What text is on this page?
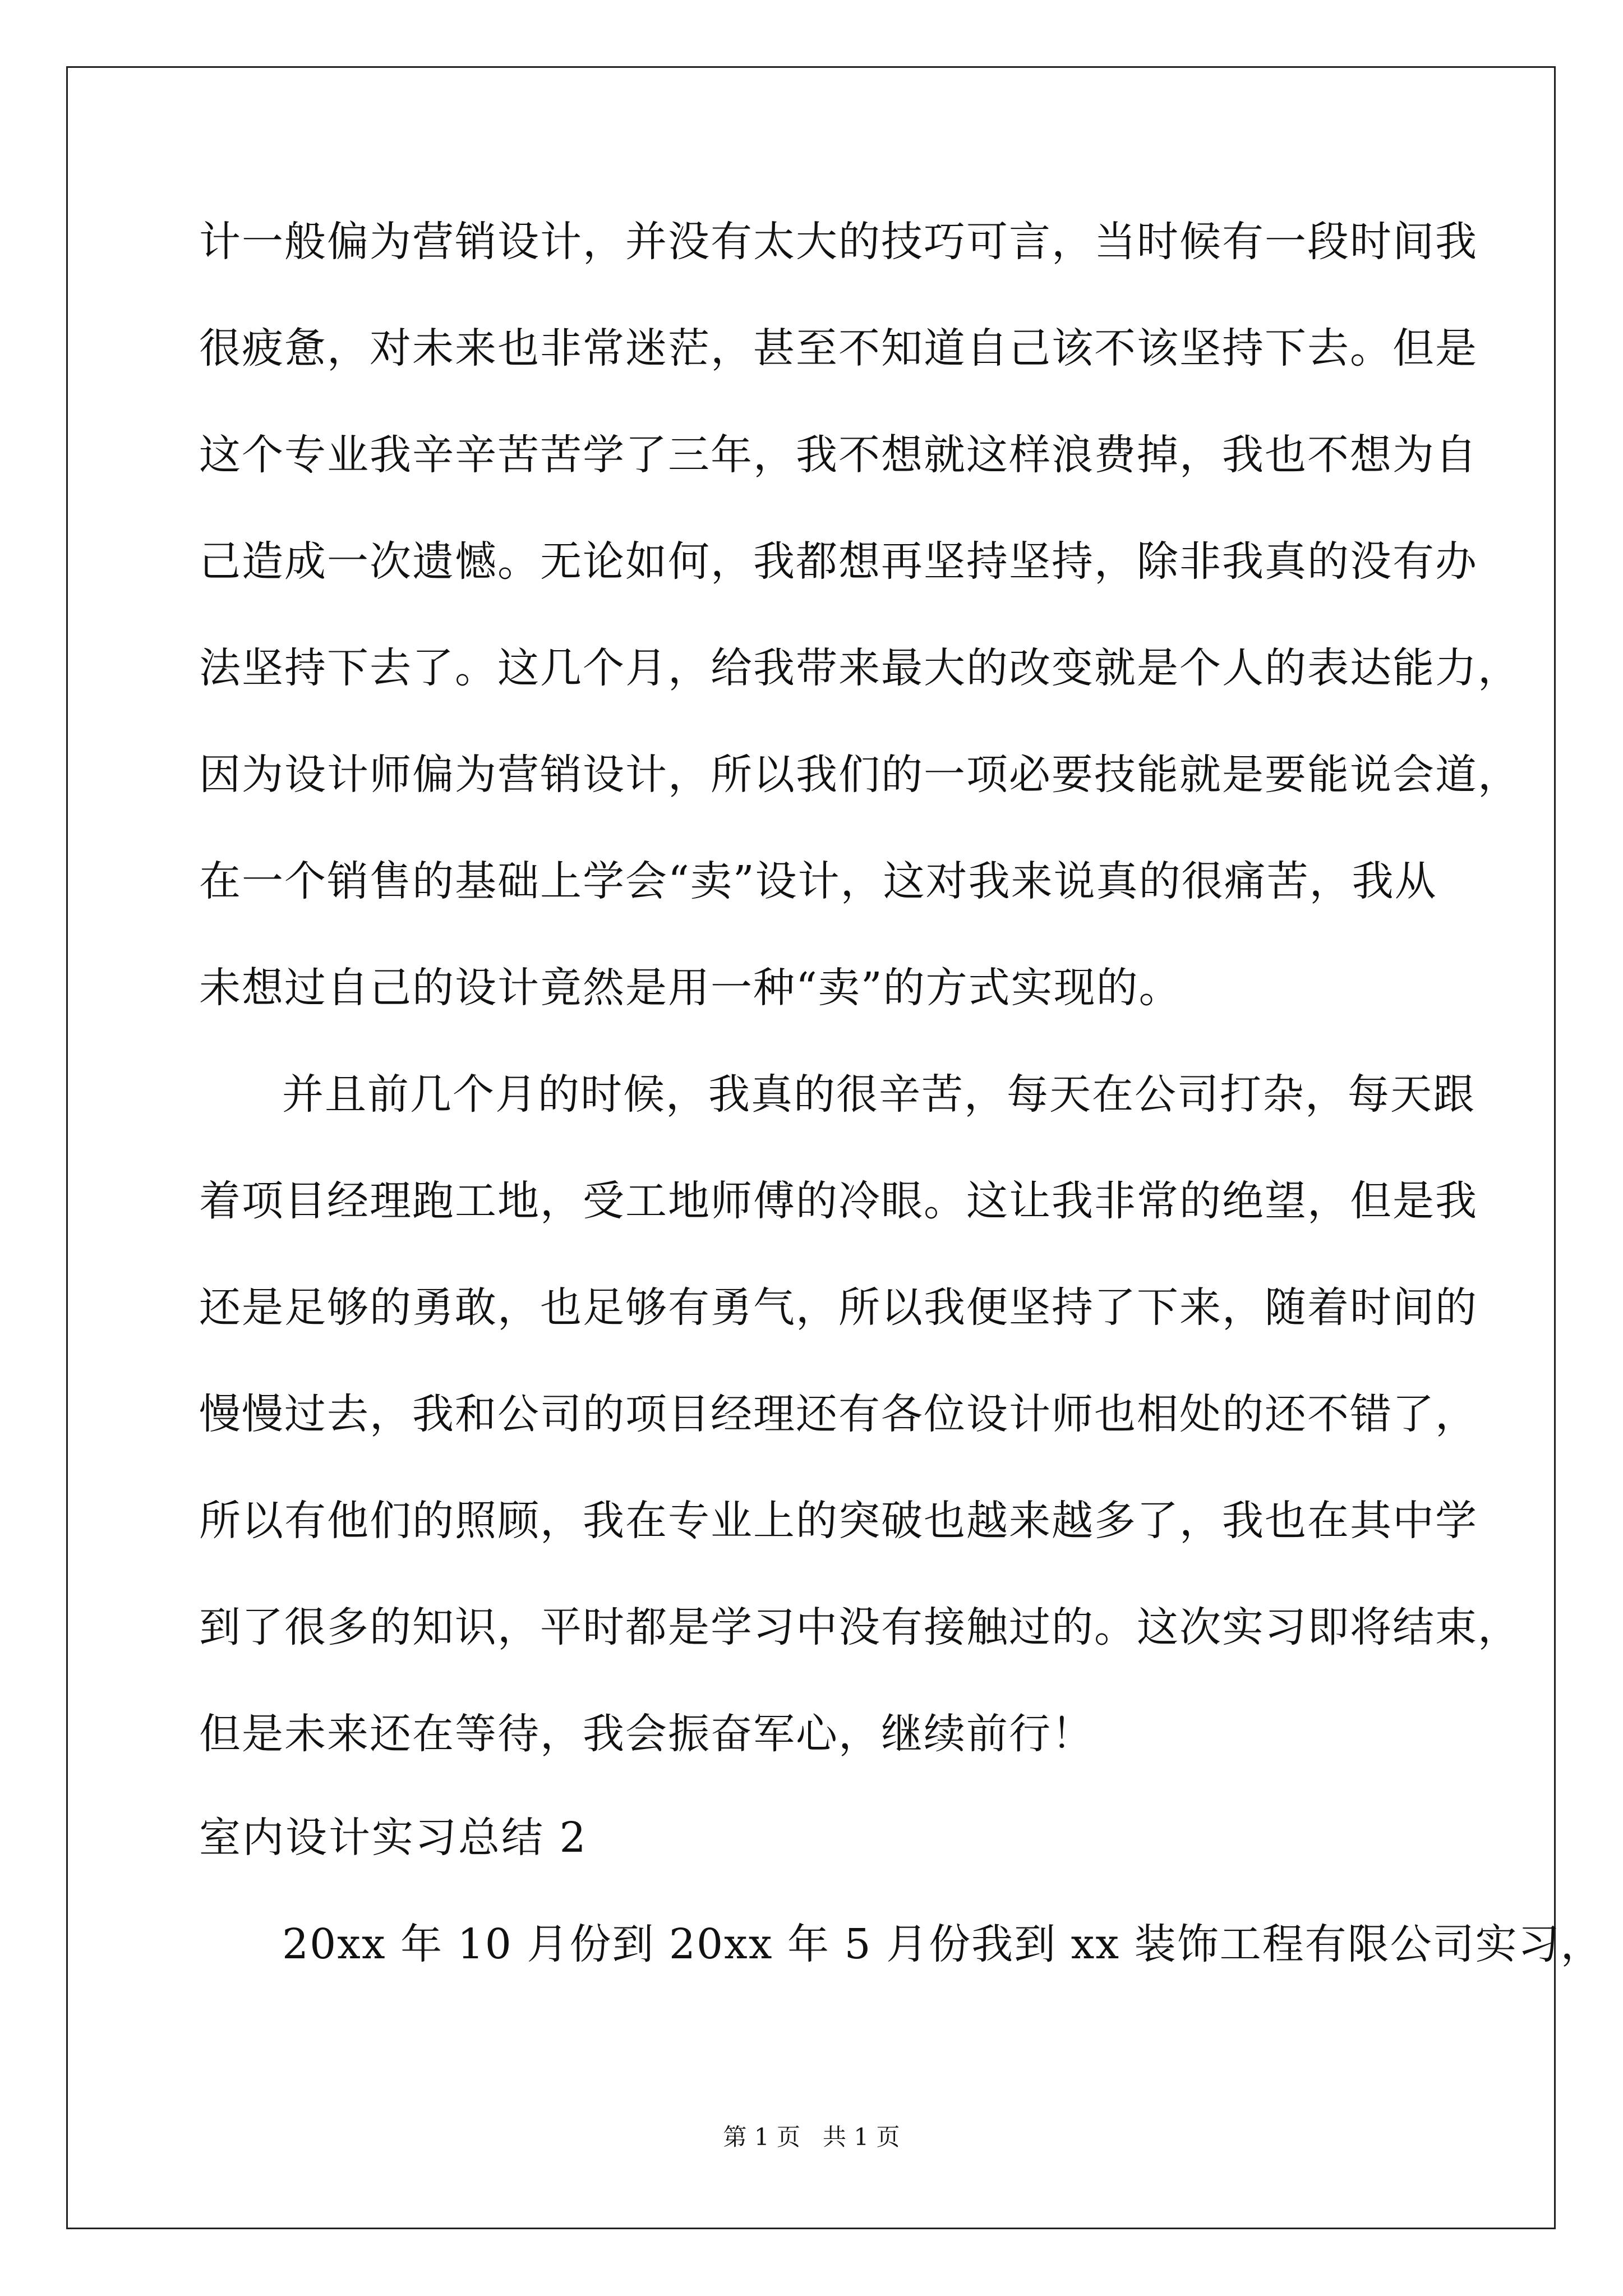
计一般偏为营销设计，并没有太大的技巧可言，当时候有一段时间我
很疲惫，对未来也非常迷茫，甚至不知道自己该不该坚持下去。但是
这个专业我辛辛苦苦学了三年，我不想就这样浪费掉，我也不想为自
己造成一次遗憾。无论如何，我都想再坚持坚持，除非我真的没有办
法坚持下去了。这几个月，给我带来最大的改变就是个人的表达能力，
因为设计师偏为营销设计，所以我们的一项必要技能就是要能说会道，
在一个销售的基础上学会“卖”设计，这对我来说真的很痛苦，我从
未想过自己的设计竟然是用一种“卖”的方式实现的。
并且前几个月的时候，我真的很辛苦，每天在公司打杂，每天跟
着项目经理跑工地，受工地师傅的冷眼。这让我非常的绝望，但是我
还是足够的勇敢，也足够有勇气，所以我便坚持了下来，随着时间的
慢慢过去，我和公司的项目经理还有各位设计师也相处的还不错了，
所以有他们的照顾，我在专业上的突破也越来越多了，我也在其中学
到了很多的知识，平时都是学习中没有接触过的。这次实习即将结束，
但是未来还在等待，我会振奋军心，继续前行！
室内设计实习总结 2
20xx 年 10 月份到 20xx 年 5 月份我到 xx 装饰工程有限公司实习，
第 1 页   共 1 页
